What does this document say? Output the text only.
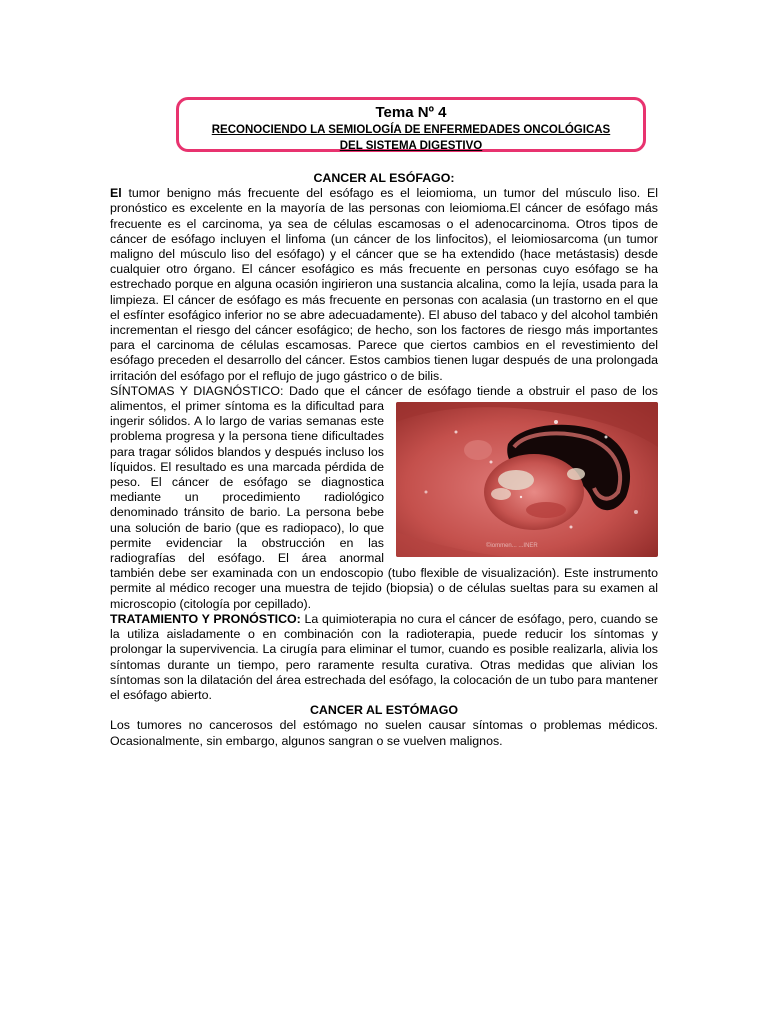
Tema Nº 4
RECONOCIENDO LA SEMIOLOGÍA DE ENFERMEDADES ONCOLÓGICAS
DEL SISTEMA DIGESTIVO

CANCER AL ESÓFAGO:

El tumor benigno más frecuente del esófago es el leiomioma, un tumor del músculo liso. El pronóstico es excelente en la mayoría de las personas con leiomioma.El cáncer de esófago más frecuente es el carcinoma, ya sea de células escamosas o el adenocarcinoma. Otros tipos de cáncer de esófago incluyen el linfoma (un cáncer de los linfocitos), el leiomiosarcoma (un tumor maligno del músculo liso del esófago) y el cáncer que se ha extendido (hace metástasis) desde cualquier otro órgano. El cáncer esofágico es más frecuente en personas cuyo esófago se ha estrechado porque en alguna ocasión ingirieron una sustancia alcalina, como la lejía, usada para la limpieza. El cáncer de esófago es más frecuente en personas con acalasia (un trastorno en el que el esfínter esofágico inferior no se abre adecuadamente). El abuso del tabaco y del alcohol también incrementan el riesgo del cáncer esofágico; de hecho, son los factores de riesgo más importantes para el carcinoma de células escamosas. Parece que ciertos cambios en el revestimiento del esófago preceden el desarrollo del cáncer. Estos cambios tienen lugar después de una prolongada irritación del esófago por el reflujo de jugo gástrico o de bilis.

SÍNTOMAS Y DIAGNÓSTICO: Dado que el cáncer de esófago tiende a obstruir el paso de los
©iommen... ...INER
alimentos, el primer síntoma es la dificultad para ingerir sólidos. A lo largo de varias semanas este problema progresa y la persona tiene dificultades para tragar sólidos blandos y después incluso los líquidos. El resultado es una marcada pérdida de peso. El cáncer de esófago se diagnostica mediante un procedimiento radiológico denominado tránsito de bario. La persona bebe una solución de bario (que es radiopaco), lo que permite evidenciar la obstrucción en las radiografías del esófago. El área anormal también debe ser examinada con un endoscopio (tubo flexible de visualización). Este instrumento permite al médico recoger una muestra de tejido (biopsia) o de células sueltas para su examen al microscopio (citología por cepillado).

TRATAMIENTO Y PRONÓSTICO: La quimioterapia no cura el cáncer de esófago, pero, cuando se la utiliza aisladamente o en combinación con la radioterapia, puede reducir los síntomas y prolongar la supervivencia. La cirugía para eliminar el tumor, cuando es posible realizarla, alivia los síntomas durante un tiempo, pero raramente resulta curativa. Otras medidas que alivian los síntomas son la dilatación del área estrechada del esófago, la colocación de un tubo para mantener el esófago abierto.

CANCER AL ESTÓMAGO

Los tumores no cancerosos del estómago no suelen causar síntomas o problemas médicos. Ocasionalmente, sin embargo, algunos sangran o se vuelven malignos.
